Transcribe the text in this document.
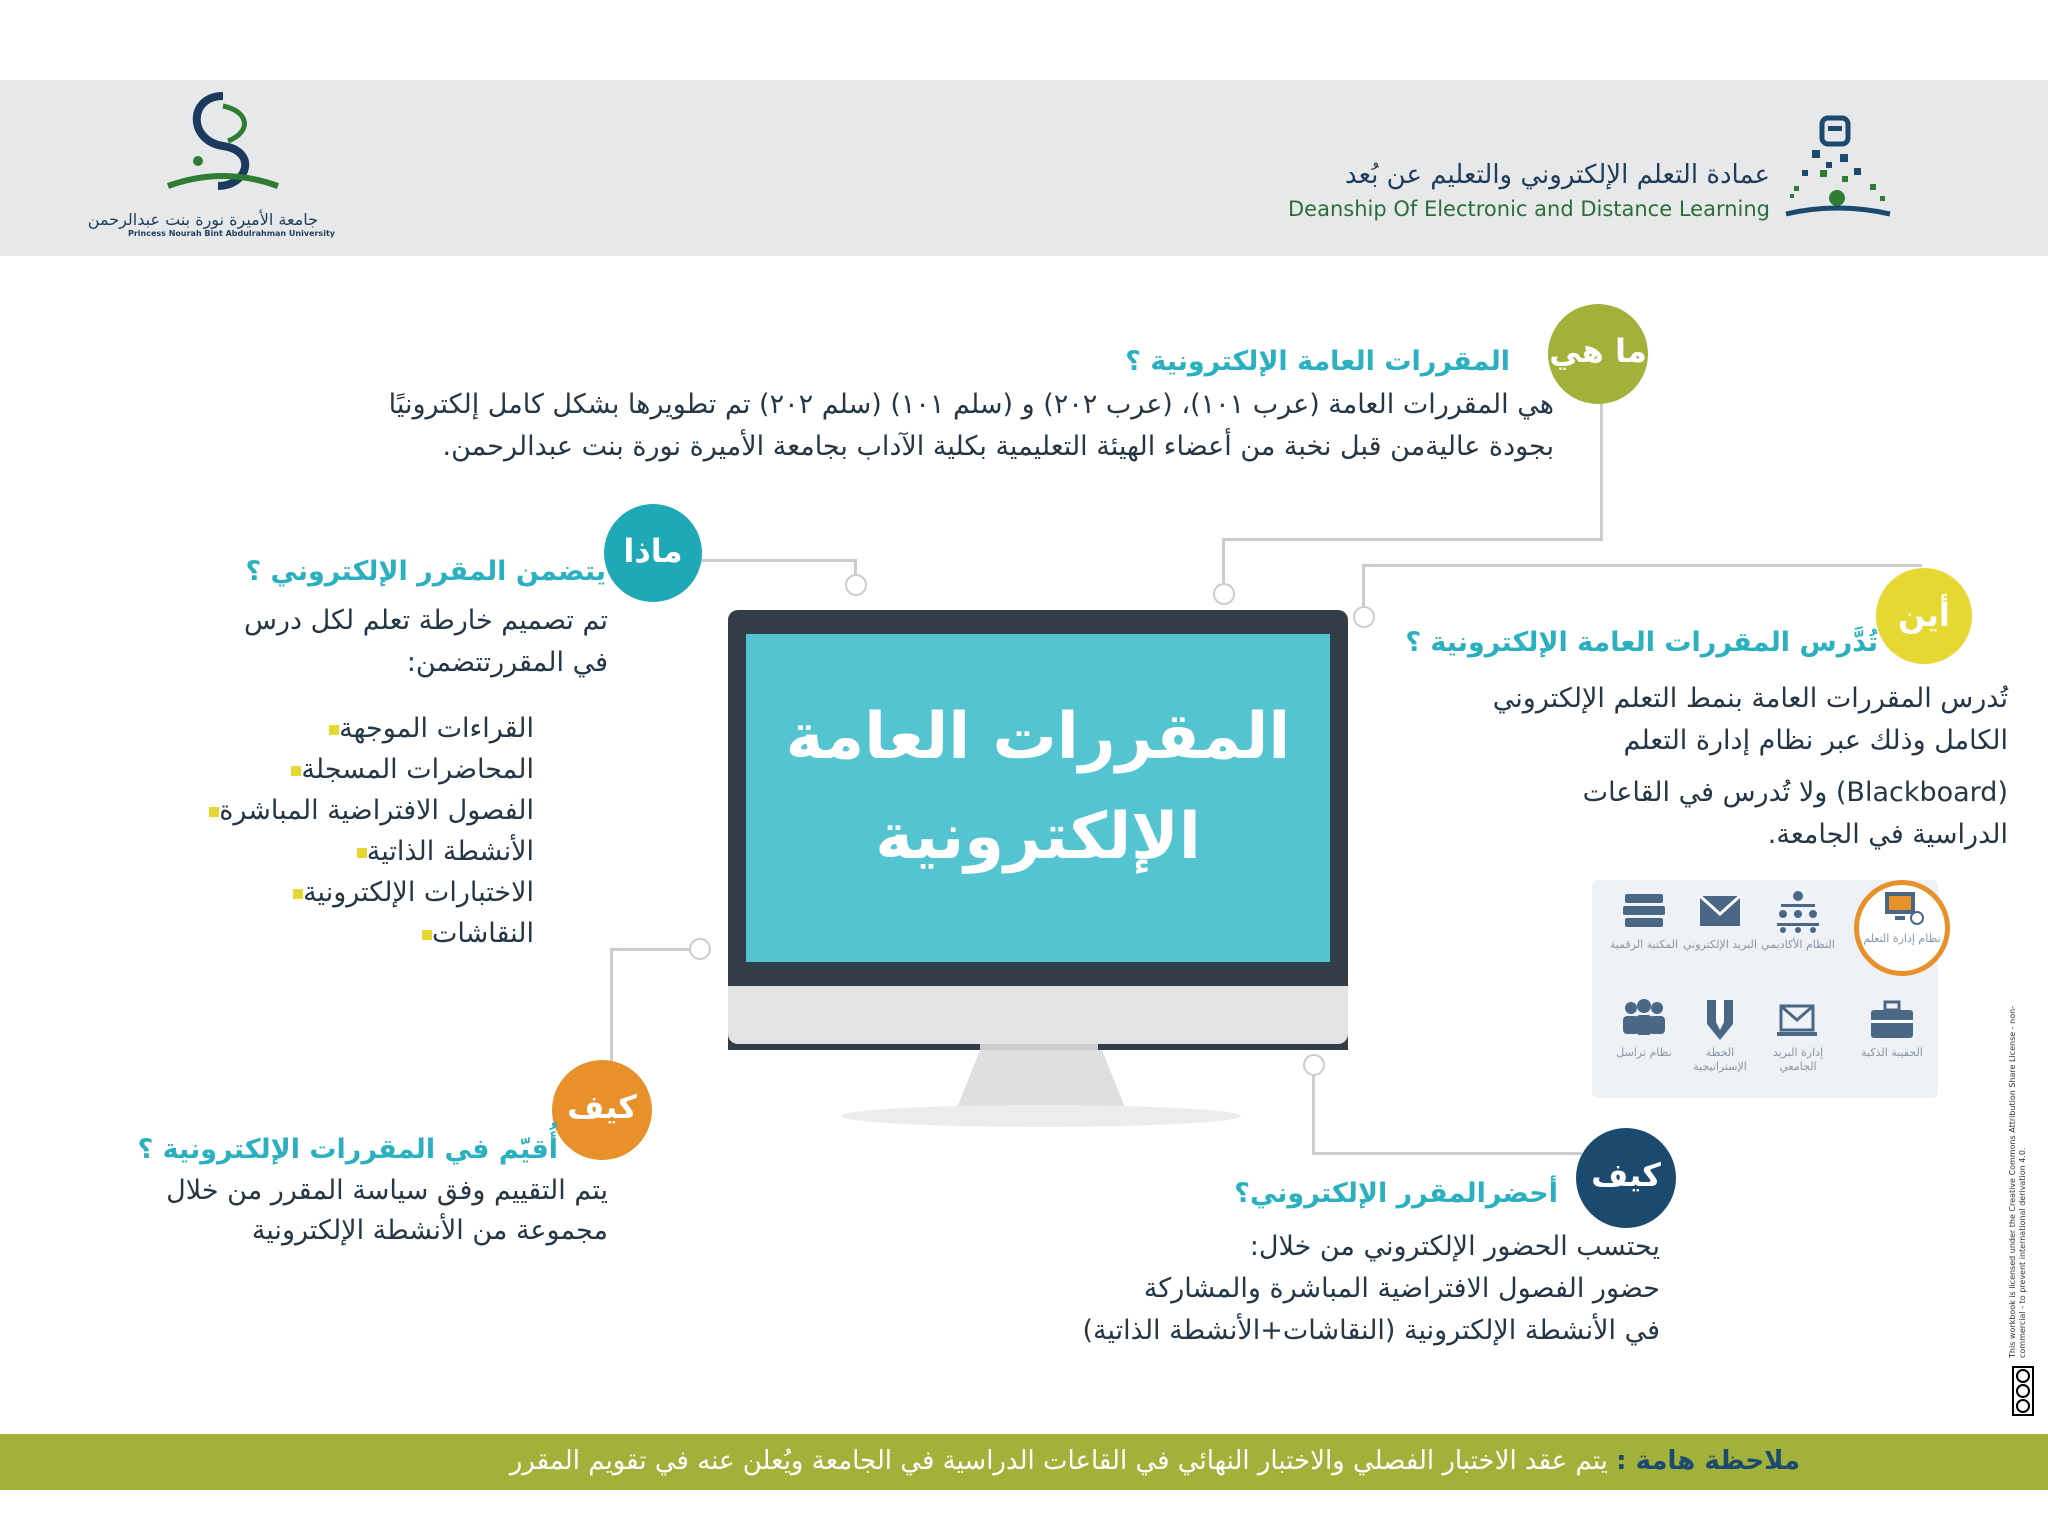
جامعة الأميرة نورة بنت عبدالرحمن
Princess Nourah Bint Abdulrahman University
عمادة التعلم الإلكتروني والتعليم عن بُعد
Deanship Of Electronic and Distance Learning
المقررات العامة
الإلكترونية
ما هي
المقررات العامة الإلكترونية ؟
هي المقررات العامة (عرب ١٠١)، (عرب ٢٠٢) و (سلم ١٠١) (سلم ٢٠٢) تم تطويرها بشكل كامل إلكترونيًا
بجودة عاليةمن قبل نخبة من أعضاء الهيئة التعليمية بكلية الآداب بجامعة الأميرة نورة بنت عبدالرحمن.
ماذا
يتضمن المقرر الإلكتروني ؟
تم تصميم خارطة تعلم لكل درس
في المقررتتضمن:
القراءات الموجهة
المحاضرات المسجلة
الفصول الافتراضية المباشرة
الأنشطة الذاتية
الاختبارات الإلكترونية
النقاشات
أين
تُدَّرس المقررات العامة الإلكترونية ؟
تُدرس المقررات العامة بنمط التعلم الإلكتروني
الكامل وذلك عبر نظام إدارة التعلم
(Blackboard) ولا تُدرس في القاعات
الدراسية في الجامعة.
المكتبة الرقمية البريد الإلكتروني النظام الأكاديمي	نظام إدارة التعلم
نظام تراسل	الخطة الإستراتيجية
إدارة البريد الجامعي
الحقيبة الذكية
كيف
أُقيّم في المقررات الإلكترونية ؟
يتم التقييم وفق سياسة المقرر من خلال
مجموعة من الأنشطة الإلكترونية
كيف
أحضرالمقرر الإلكتروني؟
يحتسب الحضور الإلكتروني من خلال:
حضور الفصول الافتراضية المباشرة والمشاركة
في الأنشطة الإلكترونية (النقاشات+الأنشطة الذاتية)	This workbook is licensed under the Creative Commons Attribution Share License - non-commercial - to prevent international derivation 4.0.
ملاحظة هامة : يتم عقد الاختبار الفصلي والاختبار النهائي في القاعات الدراسية في الجامعة ويُعلن عنه في تقويم المقرر
